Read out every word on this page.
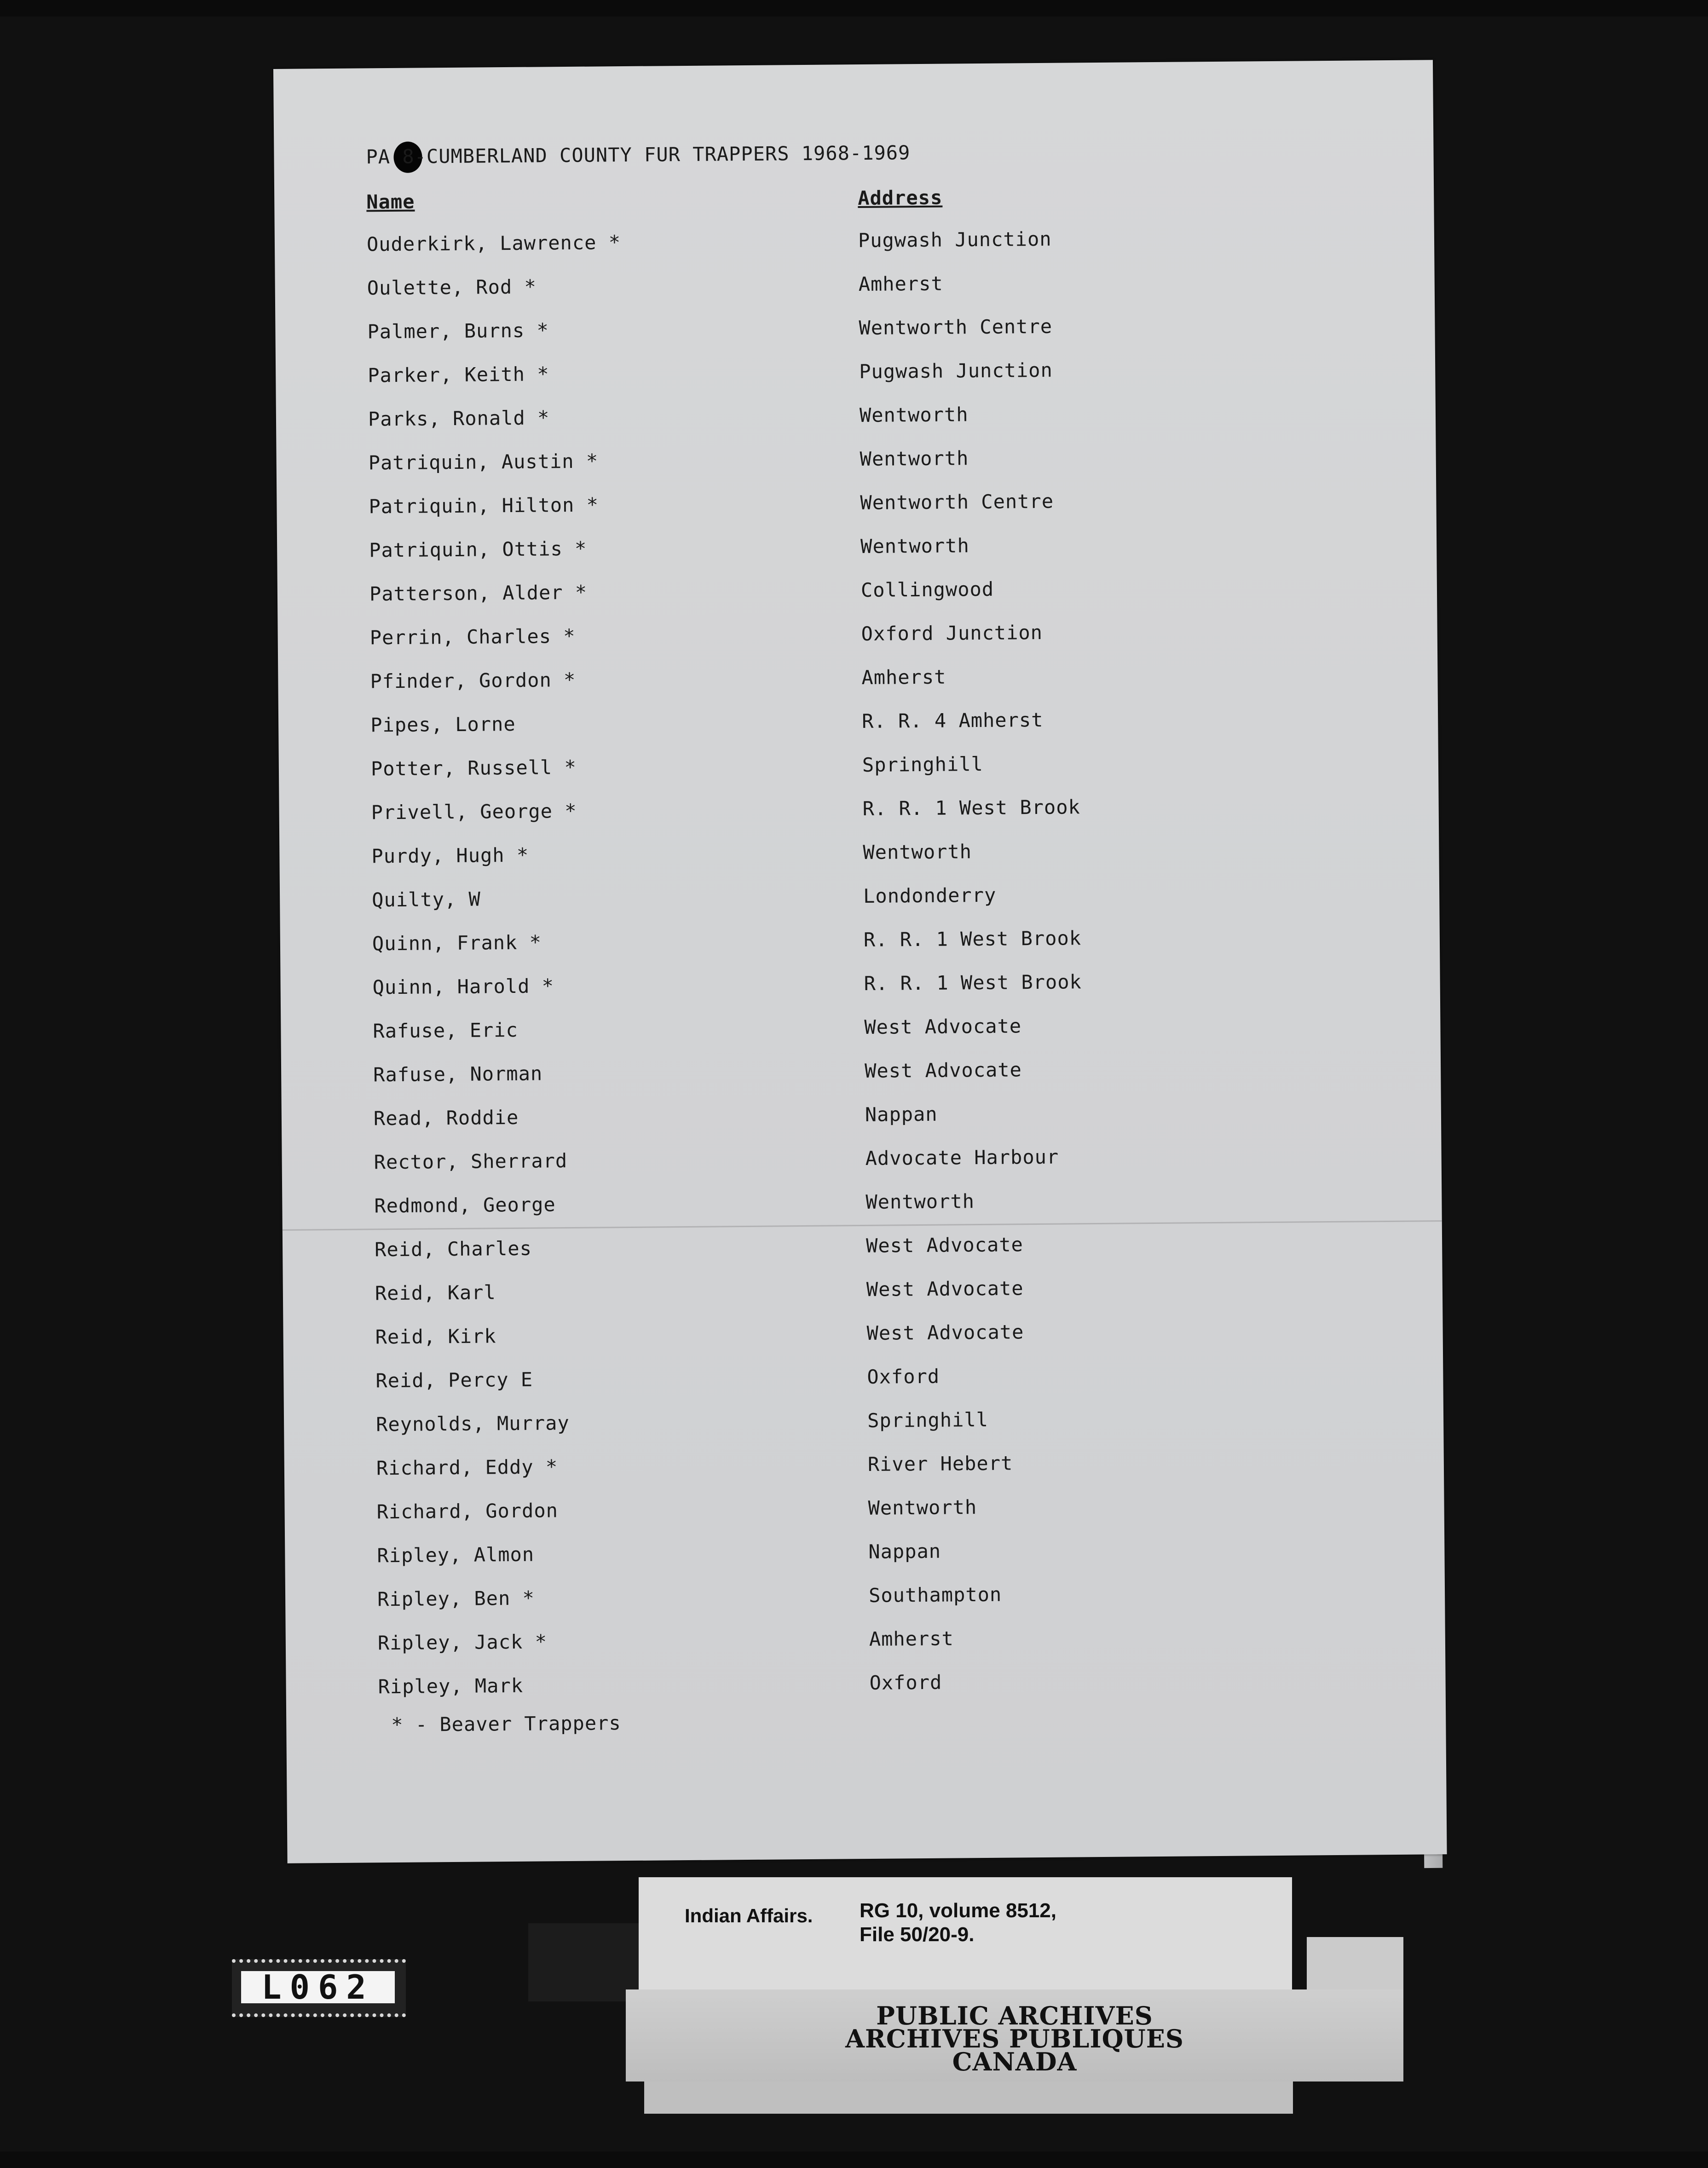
PA 8-CUMBERLAND COUNTY FUR TRAPPERS 1968-1969
Name	Address
Ouderkirk, Lawrence *	Pugwash Junction
Oulette, Rod *	Amherst
Palmer, Burns *	Wentworth Centre
Parker, Keith *	Pugwash Junction
Parks, Ronald *	Wentworth
Patriquin, Austin *	Wentworth
Patriquin, Hilton *	Wentworth Centre
Patriquin, Ottis *	Wentworth
Patterson, Alder *	Collingwood
Perrin, Charles *	Oxford Junction
Pfinder, Gordon *	Amherst
Pipes, Lorne	R. R. 4 Amherst
Potter, Russell *	Springhill
Privell, George *	R. R. 1 West Brook
Purdy, Hugh *	Wentworth
Quilty, W	Londonderry
Quinn, Frank *	R. R. 1 West Brook
Quinn, Harold *	R. R. 1 West Brook
Rafuse, Eric	West Advocate
Rafuse, Norman	West Advocate
Read, Roddie	Nappan
Rector, Sherrard	Advocate Harbour
Redmond, George	Wentworth
Reid, Charles	West Advocate
Reid, Karl	West Advocate
Reid, Kirk	West Advocate
Reid, Percy E	Oxford
Reynolds, Murray	Springhill
Richard, Eddy *	River Hebert
Richard, Gordon	Wentworth
Ripley, Almon	Nappan
Ripley, Ben *	Southampton
Ripley, Jack *	Amherst
Ripley, Mark	Oxford
* - Beaver Trappers
L062
Indian Affairs. RG 10, volume 8512,
File 50/20-9.
PUBLIC ARCHIVES
ARCHIVES PUBLIQUES
CANADA
